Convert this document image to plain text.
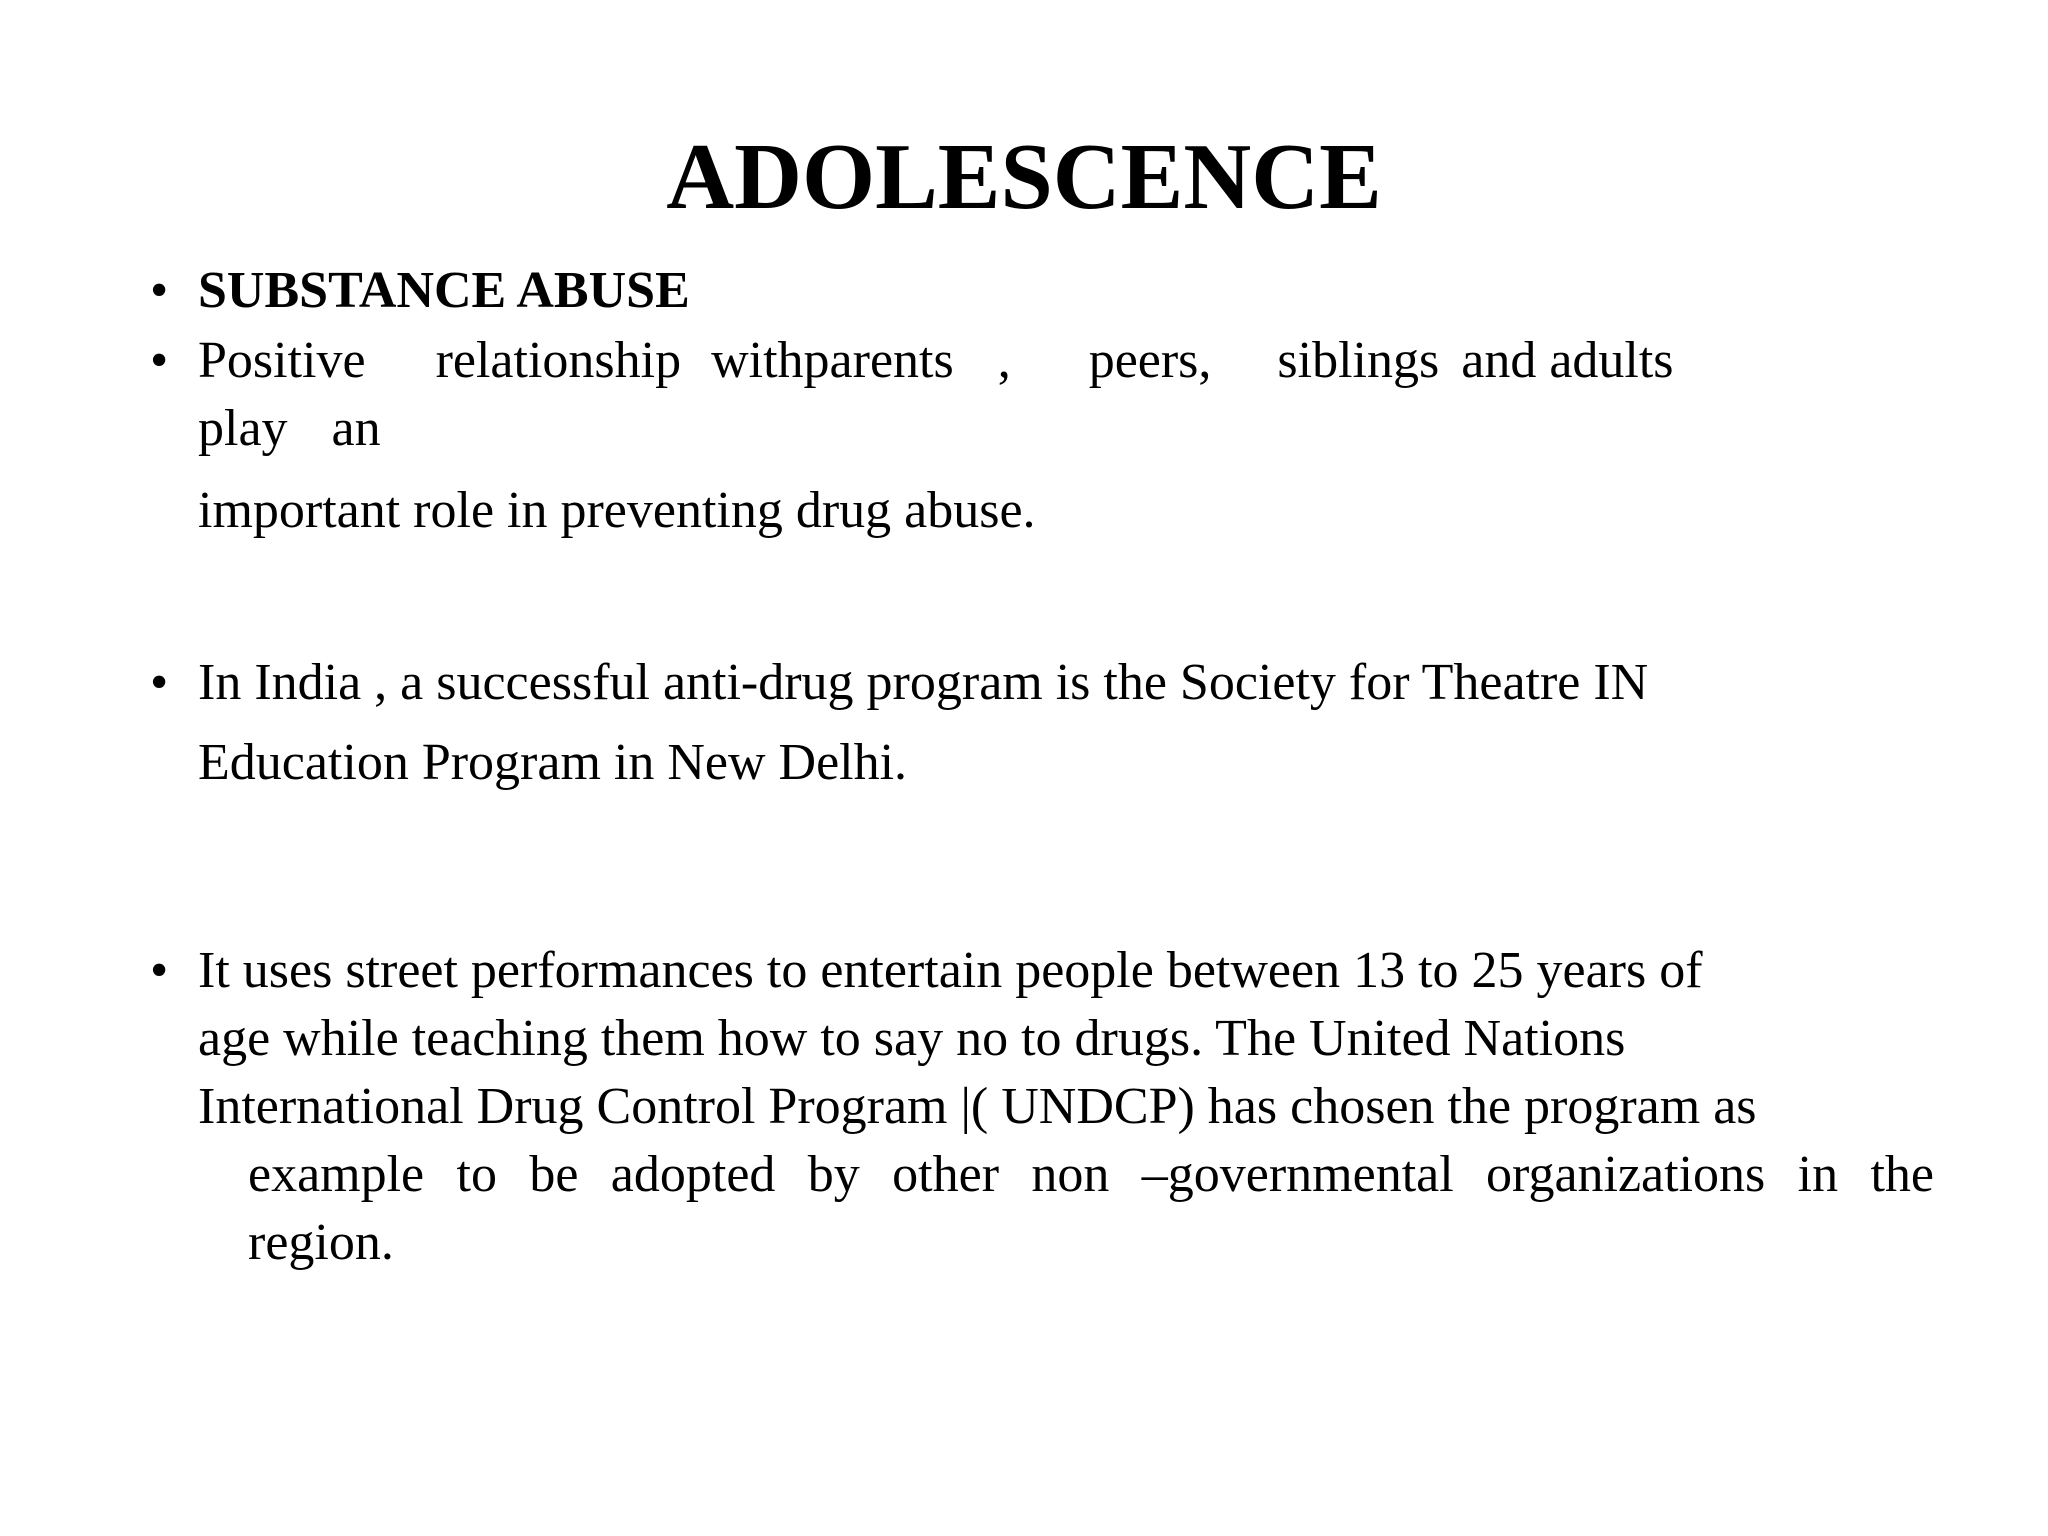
ADOLESCENCE
•
SUBSTANCE ABUSE
•
Positive relationship withparents , peers, siblings and adults
play an
important role in preventing drug abuse.
•
In India , a successful anti-drug program is the Society for Theatre IN
Education Program in New Delhi.
•
It uses street performances to entertain people between 13 to 25 years of
age while teaching them how to say no to drugs. The United Nations
International Drug Control Program |( UNDCP) has chosen the program as
example to be adopted by other non –governmental organizations in the
region.
